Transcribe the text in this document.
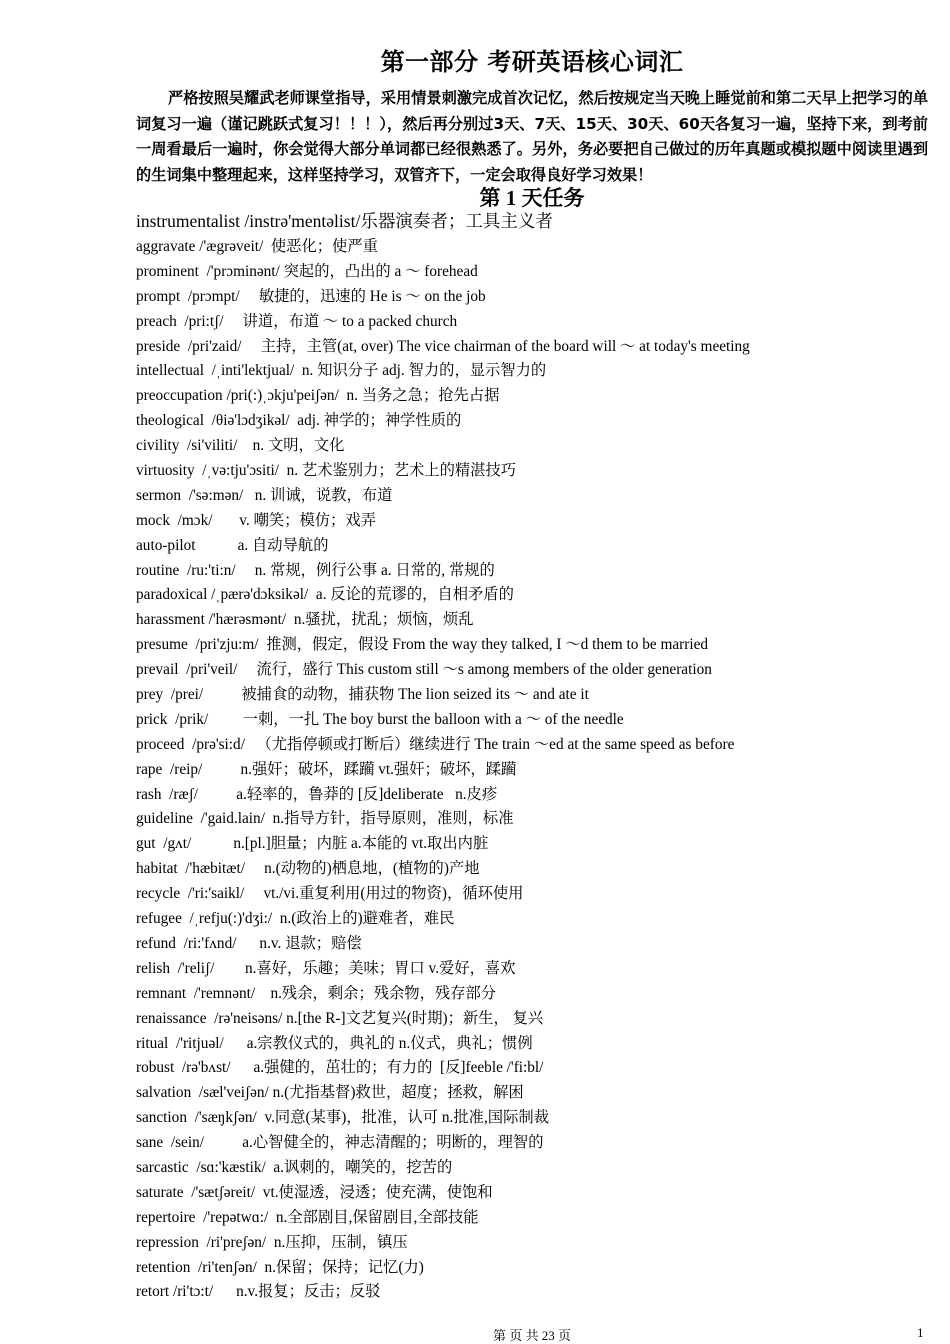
第一部分 考研英语核心词汇
严格按照吴耀武老师课堂指导，采用情景刺激完成首次记忆，然后按规定当天晚上睡觉前和第二天早上把学习的单词复习一遍（谨记跳跃式复习！！！），然后再分别过3天、7天、15天、30天、60天各复习一遍，坚持下来，到考前一周看最后一遍时，你会觉得大部分单词都已经很熟悉了。另外，务必要把自己做过的历年真题或模拟题中阅读里遇到的生词集中整理起来，这样坚持学习，双管齐下，一定会取得良好学习效果！
第 1 天任务
instrumentalist /instrə'mentəlist/乐器演奏者；工具主义者
aggravate /'ægrəveit/  使恶化；使严重
prominent  /'prɔminənt/ 突起的，凸出的 a ～ forehead
prompt  /prɔmpt/     敏捷的，迅速的 He is ～ on the job
preach  /pri:tʃ/     讲道，布道 ～ to a packed church
preside  /pri'zaid/     主持，主管(at, over) The vice chairman of the board will ～ at today's meeting
intellectual  /ˌinti'lektjual/  n. 知识分子 adj. 智力的，显示智力的
preoccupation /pri(:)ˌɔkju'peiʃən/  n. 当务之急；抢先占据
theological  /θiə'lɔdʒikəl/  adj. 神学的；神学性质的
civility  /si'viliti/    n. 文明，文化
virtuosity  /ˌvə:tju'ɔsiti/  n. 艺术鉴别力；艺术上的精湛技巧
sermon  /'sə:mən/   n. 训诫，说教，布道
mock  /mɔk/       v. 嘲笑；模仿；戏弄
auto-pilot	a. 自动导航的
routine  /ru:'ti:n/     n. 常规，例行公事 a. 日常的, 常规的
paradoxical /ˌpærə'dɔksikəl/  a. 反论的荒谬的，自相矛盾的
harassment /'hærəsmənt/  n.骚扰，扰乱；烦恼，烦乱
presume  /pri'zju:m/  推测，假定，假设 From the way they talked, I ～d them to be married
prevail  /pri'veil/     流行，盛行 This custom still ～s among members of the older generation
prey  /prei/          被捕食的动物，捕获物 The lion seized its ～ and ate it
prick  /prik/         一刺，一扎 The boy burst the balloon with a ～ of the needle
proceed  /prə'si:d/   （尤指停顿或打断后）继续进行 The train ～ed at the same speed as before
rape  /reip/          n.强奸；破坏，蹂躏 vt.强奸；破坏，蹂躏
rash  /ræʃ/          a.轻率的，鲁莽的 [反]deliberate   n.皮疹
guideline  /'gaid.lain/  n.指导方针，指导原则，准则，标准
gut  /gʌt/           n.[pl.]胆量；内脏 a.本能的 vt.取出内脏
habitat  /'hæbitæt/     n.(动物的)栖息地，(植物的)产地
recycle  /'ri:'saikl/     vt./vi.重复利用(用过的物资)，循环使用
refugee  /ˌrefju(:)'dʒi:/  n.(政治上的)避难者，难民
refund  /ri:'fʌnd/      n.v. 退款；赔偿
relish  /'reliʃ/        n.喜好，乐趣；美味；胃口 v.爱好，喜欢
remnant  /'remnənt/    n.残余，剩余；残余物，残存部分
renaissance  /rə'neisəns/ n.[the R-]文艺复兴(时期)；新生， 复兴
ritual  /'ritjuəl/      a.宗教仪式的，典礼的 n.仪式，典礼；惯例
robust  /rə'bʌst/      a.强健的，茁壮的；有力的  [反]feeble /'fi:bl/
salvation  /sæl'veiʃən/ n.(尤指基督)救世，超度；拯救，解困
sanction  /'sæŋkʃən/  v.同意(某事)，批准，认可 n.批准,国际制裁
sane  /sein/          a.心智健全的，神志清醒的；明断的，理智的
sarcastic  /sɑ:'kæstik/  a.讽刺的，嘲笑的，挖苦的
saturate  /'sætʃəreit/  vt.使湿透，浸透；使充满，使饱和
repertoire  /'repətwɑ:/  n.全部剧目,保留剧目,全部技能
repression  /ri'preʃən/  n.压抑，压制，镇压
retention  /ri'tenʃən/  n.保留；保持；记忆(力)
retort /ri'tɔ:t/      n.v.报复；反击；反驳
第 页 共 23 页	1
